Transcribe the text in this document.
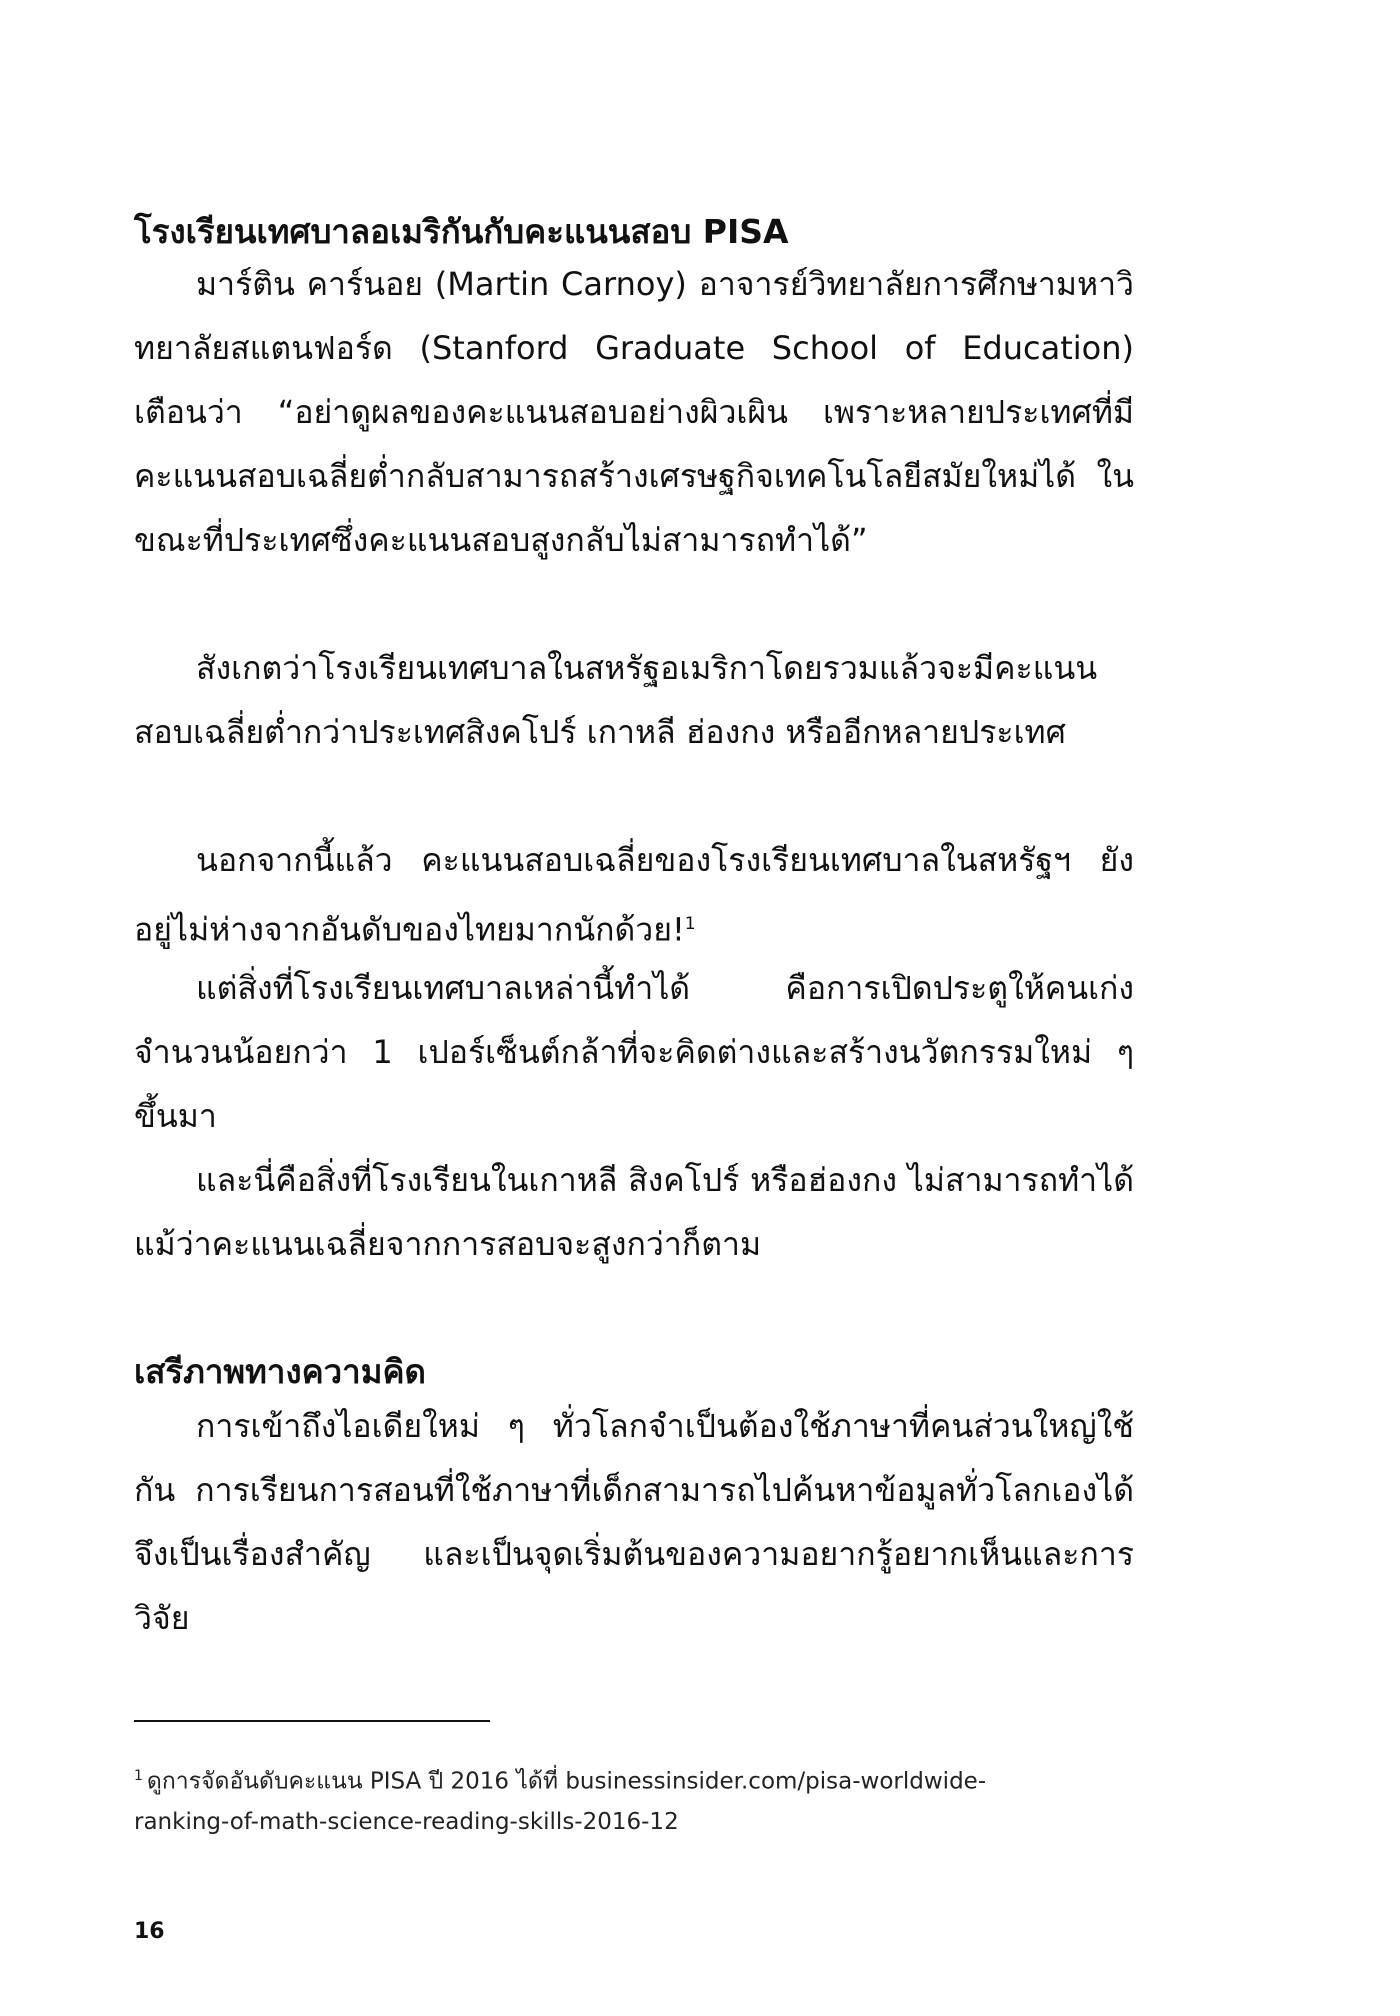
โรงเรียนเทศบาลอเมริกันกับคะแนนสอบ PISA

มาร์ติน คาร์นอย (Martin Carnoy) อาจารย์วิทยาลัยการศึกษามหาวิทยาลัยสแตนฟอร์ด (Stanford Graduate School of Education) เตือนว่า “อย่าดูผลของคะแนนสอบอย่างผิวเผิน เพราะหลายประเทศที่มีคะแนนสอบเฉลี่ยต่ำกลับสามารถสร้างเศรษฐกิจเทคโนโลยีสมัยใหม่ได้ ในขณะที่ประเทศซึ่งคะแนนสอบสูงกลับไม่สามารถทำได้”

สังเกตว่าโรงเรียนเทศบาลในสหรัฐอเมริกาโดยรวมแล้วจะมีคะแนนสอบเฉลี่ยต่ำกว่าประเทศสิงคโปร์ เกาหลี ฮ่องกง หรืออีกหลายประเทศ

นอกจากนี้แล้ว คะแนนสอบเฉลี่ยของโรงเรียนเทศบาลในสหรัฐฯ ยังอยู่ไม่ห่างจากอันดับของไทยมากนักด้วย!$^1$

แต่สิ่งที่โรงเรียนเทศบาลเหล่านี้ทำได้ คือการเปิดประตูให้คนเก่งจำนวนน้อยกว่า 1 เปอร์เซ็นต์กล้าที่จะคิดต่างและสร้างนวัตกรรมใหม่ ๆ ขึ้นมา

และนี่คือสิ่งที่โรงเรียนในเกาหลี สิงคโปร์ หรือฮ่องกง ไม่สามารถทำได้ แม้ว่าคะแนนเฉลี่ยจากการสอบจะสูงกว่าก็ตาม

เสรีภาพทางความคิด

การเข้าถึงไอเดียใหม่ ๆ ทั่วโลกจำเป็นต้องใช้ภาษาที่คนส่วนใหญ่ใช้กัน การเรียนการสอนที่ใช้ภาษาที่เด็กสามารถไปค้นหาข้อมูลทั่วโลกเองได้จึงเป็นเรื่องสำคัญ และเป็นจุดเริ่มต้นของความอยากรู้อยากเห็นและการวิจัย

$^1$ ดูการจัดอันดับคะแนน PISA ปี 2016 ได้ที่ businessinsider.com/pisa-worldwide-ranking-of-math-science-reading-skills-2016-12

16
